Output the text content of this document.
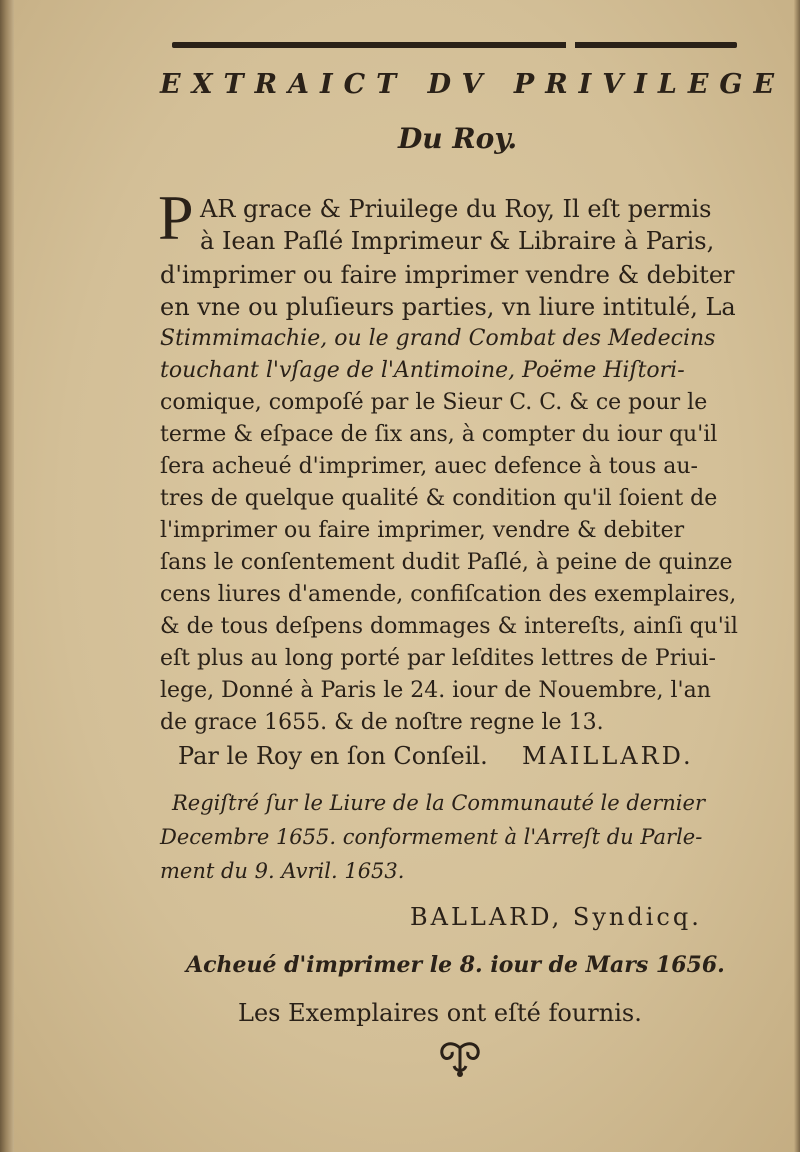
EXTRAICT DV PRIVILEGE
Du Roy.
P AR grace & Priuilege du Roy, Il eſt permis
à Iean Paſlé Imprimeur & Libraire à Paris,
d'imprimer ou faire imprimer vendre & debiter
en vne ou pluſieurs parties, vn liure intitulé, La
Stimmimachie, ou le grand Combat des Medecins
touchant l'vſage de l'Antimoine, Poëme Hiſtori-
comique, compoſé par le Sieur C. C. & ce pour le
terme & eſpace de ſix ans, à compter du iour qu'il
ſera acheué d'imprimer, auec defence à tous au-
tres de quelque qualité & condition qu'il ſoient de
l'imprimer ou faire imprimer, vendre & debiter
ſans le conſentement dudit Paſlé, à peine de quinze
cens liures d'amende, confiſcation des exemplaires,
& de tous deſpens dommages & intereſts, ainſi qu'il
eſt plus au long porté par leſdites lettres de Priui-
lege, Donné à Paris le 24. iour de Nouembre, l'an
de grace 1655. & de noſtre regne le 13.
Par le Roy en ſon Conſeil. MAILLARD.
Regiſtré ſur le Liure de la Communauté le dernier
Decembre 1655. conformement à l'Arreſt du Parle-
ment du 9. Avril. 1653.
BALLARD, Syndicq.
Acheué d'imprimer le 8. iour de Mars 1656.
Les Exemplaires ont eſté fournis.
